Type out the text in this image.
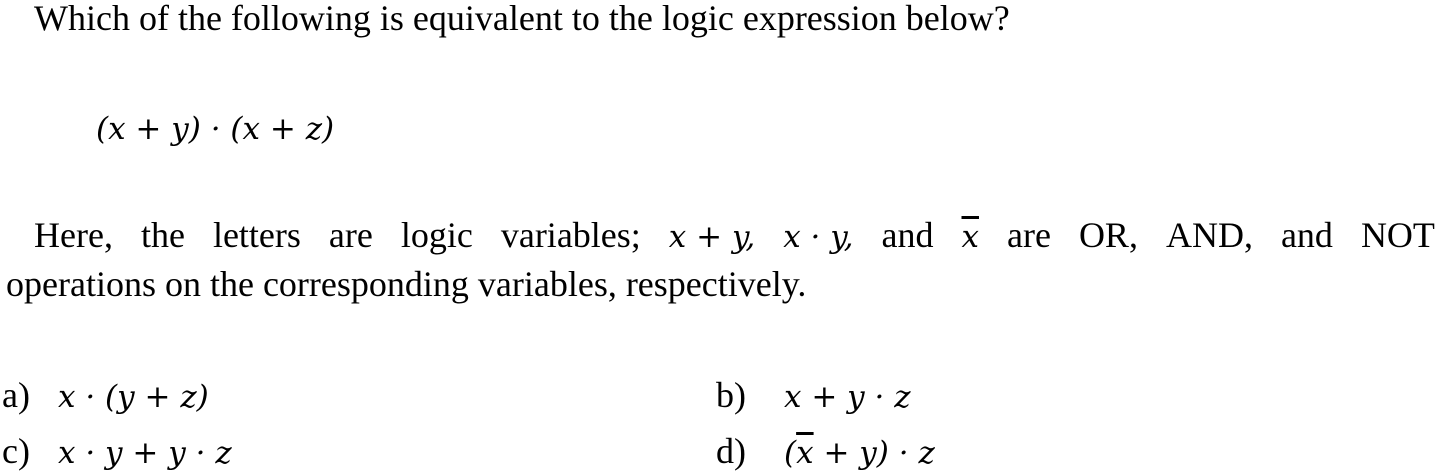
Which of the following is equivalent to the logic expression below?
(x + y) · (x + z)
Here, the letters are logic variables; x + y, x · y, and $\overline{x}$ are OR, AND, and NOT
operations on the corresponding variables, respectively.
a) x · (y + z)	b)	x + y · z
c) x · y + y · z	d)	$(\overline{x} + y) \cdot z$
